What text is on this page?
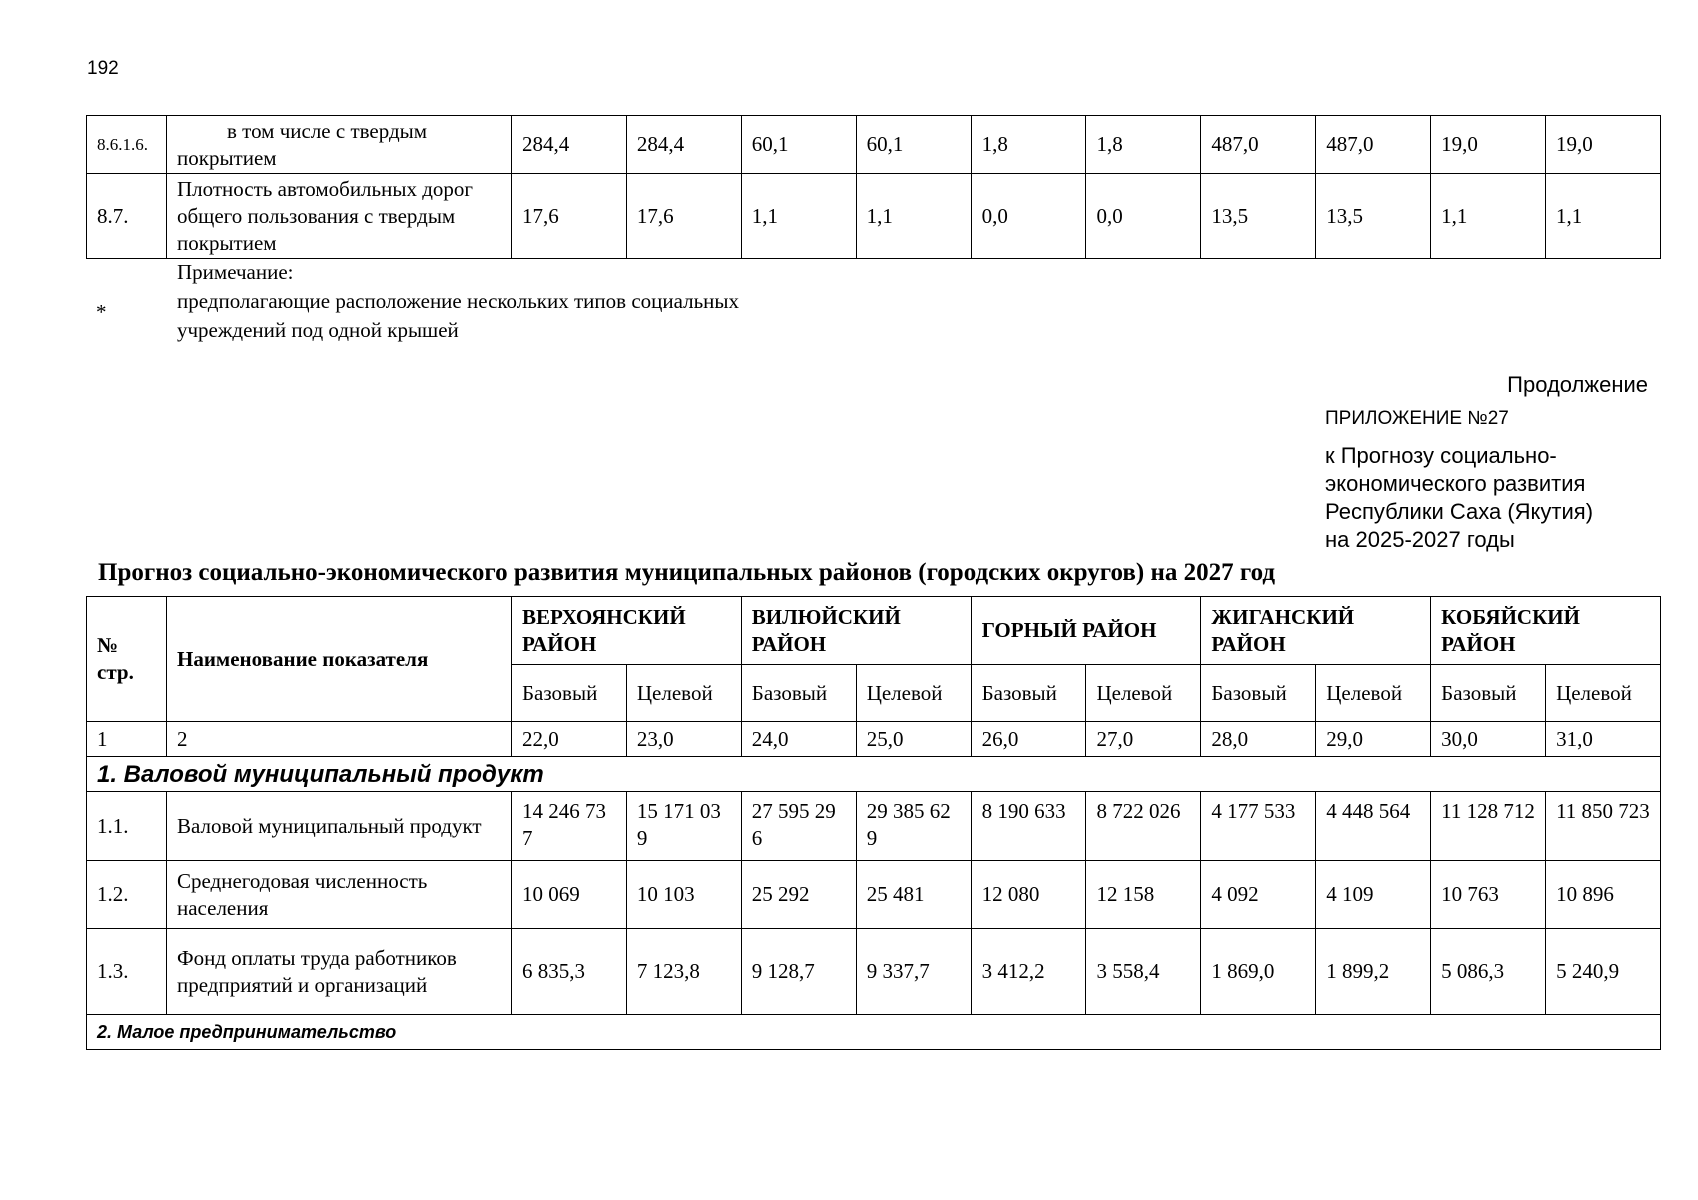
192
8.6.1.6.	в том числе с твердым покрытием	284,4	284,4	60,1	60,1	1,8	1,8	487,0	487,0	19,0	19,0
8.7.	Плотность автомобильных дорог общего пользования с твердым покрытием	17,6	17,6	1,1	1,1	0,0	0,0	13,5	13,5	1,1	1,1
Примечание:
*	предполагающие расположение нескольких типов социальных
учреждений под одной крышей
Продолжение
ПРИЛОЖЕНИЕ №27
к Прогнозу социально-
экономического развития
Республики Саха (Якутия)
на 2025-2027 годы
Прогноз социально-экономического развития муниципальных районов (городских округов) на 2027 год
№ стр.	Наименование показателя	ВЕРХОЯНСКИЙ РАЙОН		ВИЛЮЙСКИЙ РАЙОН		ГОРНЫЙ РАЙОН		ЖИГАНСКИЙ РАЙОН		КОБЯЙСКИЙ РАЙОН	
		Базовый	Целевой	Базовый	Целевой	Базовый	Целевой	Базовый	Целевой	Базовый	Целевой
1	2	22,0	23,0	24,0	25,0	26,0	27,0	28,0	29,0	30,0	31,0
1. Валовой муниципальный продукт											
1.1.	Валовой муниципальный продукт	14 246 737	15 171 039	27 595 296	29 385 629	8 190 633	8 722 026	4 177 533	4 448 564	11 128 712	11 850 723
1.2.	Среднегодовая численность населения	10 069	10 103	25 292	25 481	12 080	12 158	4 092	4 109	10 763	10 896
1.3.	Фонд оплаты труда работников предприятий и организаций	6 835,3	7 123,8	9 128,7	9 337,7	3 412,2	3 558,4	1 869,0	1 899,2	5 086,3	5 240,9
2. Малое предпринимательство											
